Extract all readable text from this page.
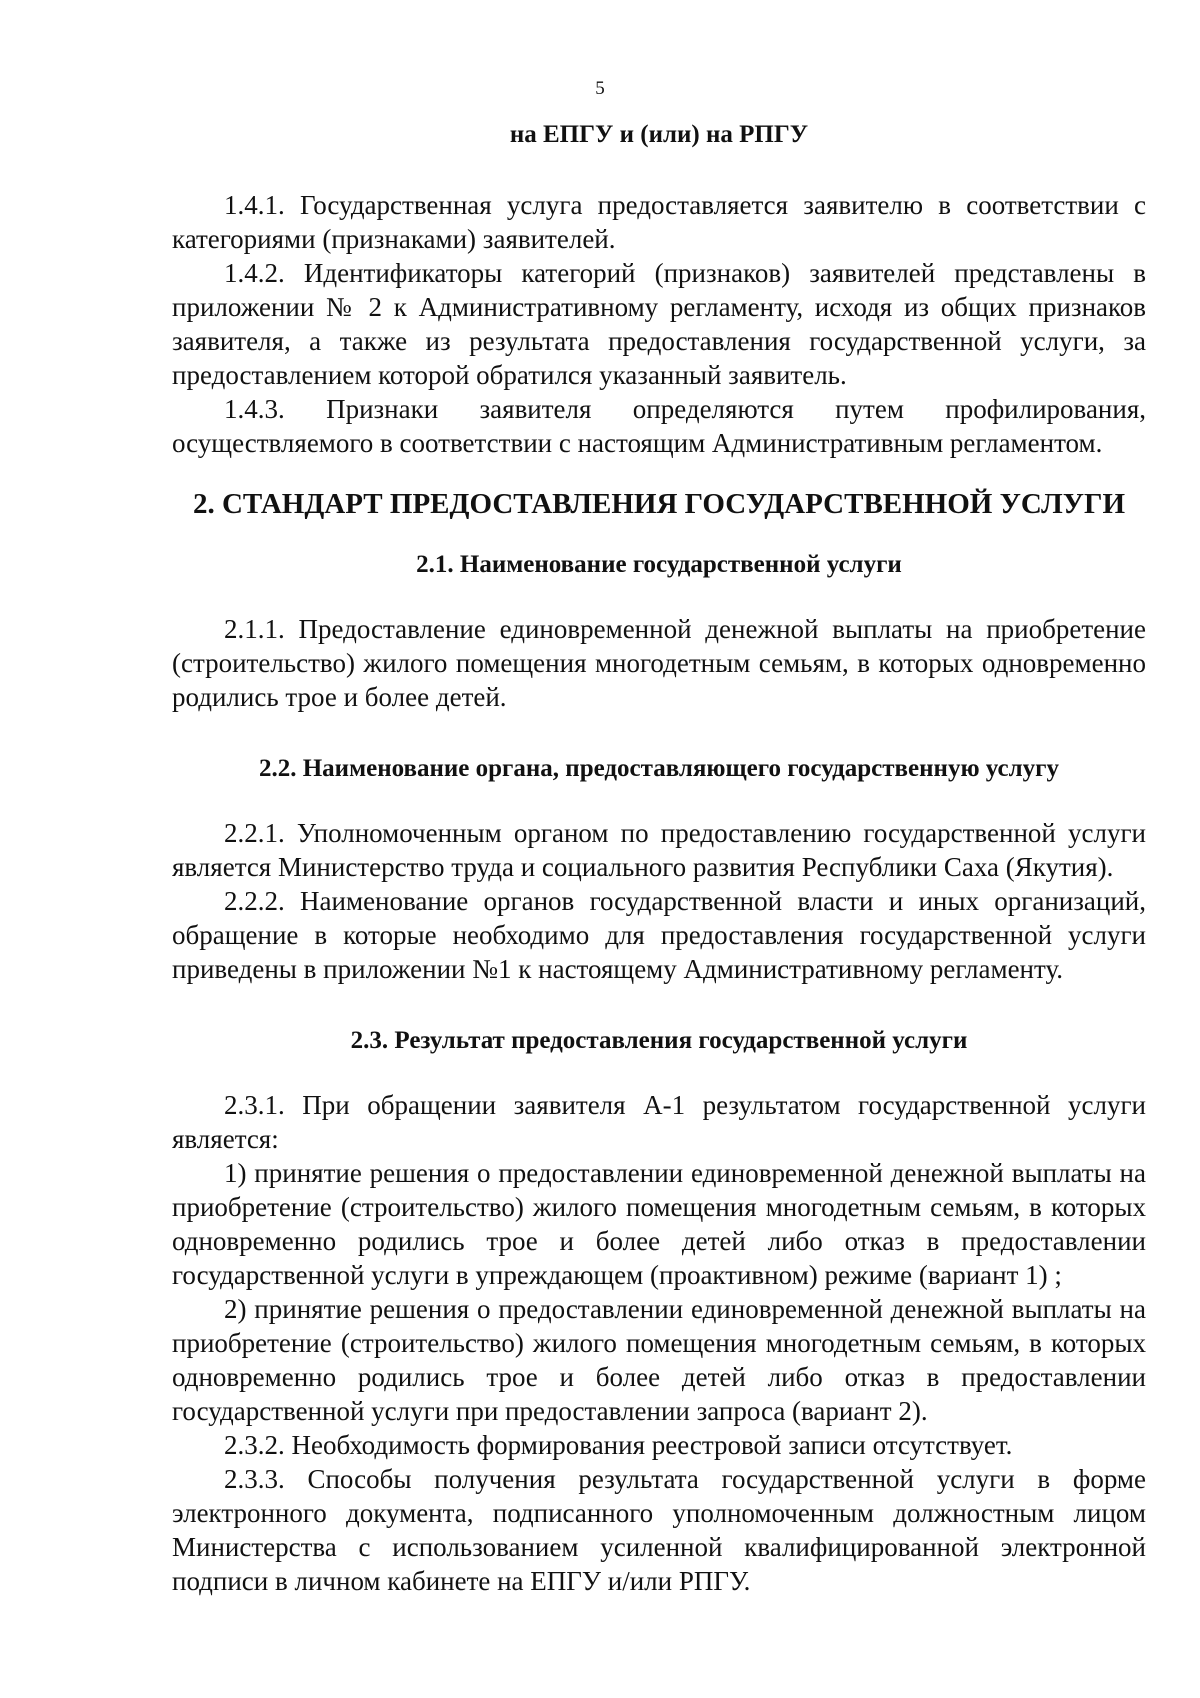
5
на ЕПГУ и (или) на РПГУ

1.4.1. Государственная услуга предоставляется заявителю в соответствии с категориями (признаками) заявителей.

1.4.2. Идентификаторы категорий (признаков) заявителей представлены в приложении № 2 к Административному регламенту, исходя из общих признаков заявителя, а также из результата предоставления государственной услуги, за предоставлением которой обратился указанный заявитель.

1.4.3. Признаки заявителя определяются путем профилирования, осуществляемого в соответствии с настоящим Административным регламентом.

2. СТАНДАРТ ПРЕДОСТАВЛЕНИЯ ГОСУДАРСТВЕННОЙ УСЛУГИ
2.1. Наименование государственной услуги

2.1.1. Предоставление единовременной денежной выплаты на приобретение (строительство) жилого помещения многодетным семьям, в которых одновременно родились трое и более детей.

2.2. Наименование органа, предоставляющего государственную услугу

2.2.1. Уполномоченным органом по предоставлению государственной услуги является Министерство труда и социального развития Республики Саха (Якутия).

2.2.2. Наименование органов государственной власти и иных организаций, обращение в которые необходимо для предоставления государственной услуги приведены в приложении №1 к настоящему Административному регламенту.

2.3. Результат предоставления государственной услуги

2.3.1. При обращении заявителя А-1 результатом государственной услуги является:

1) принятие решения о предоставлении единовременной денежной выплаты на приобретение (строительство) жилого помещения многодетным семьям, в которых одновременно родились трое и более детей либо отказ в предоставлении государственной услуги в упреждающем (проактивном) режиме (вариант 1) ;

2) принятие решения о предоставлении единовременной денежной выплаты на приобретение (строительство) жилого помещения многодетным семьям, в которых одновременно родились трое и более детей либо отказ в предоставлении государственной услуги при предоставлении запроса (вариант 2).

2.3.2. Необходимость формирования реестровой записи отсутствует.

2.3.3. Способы получения результата государственной услуги в форме электронного документа, подписанного уполномоченным должностным лицом Министерства с использованием усиленной квалифицированной электронной подписи в личном кабинете на ЕПГУ и/или РПГУ.
